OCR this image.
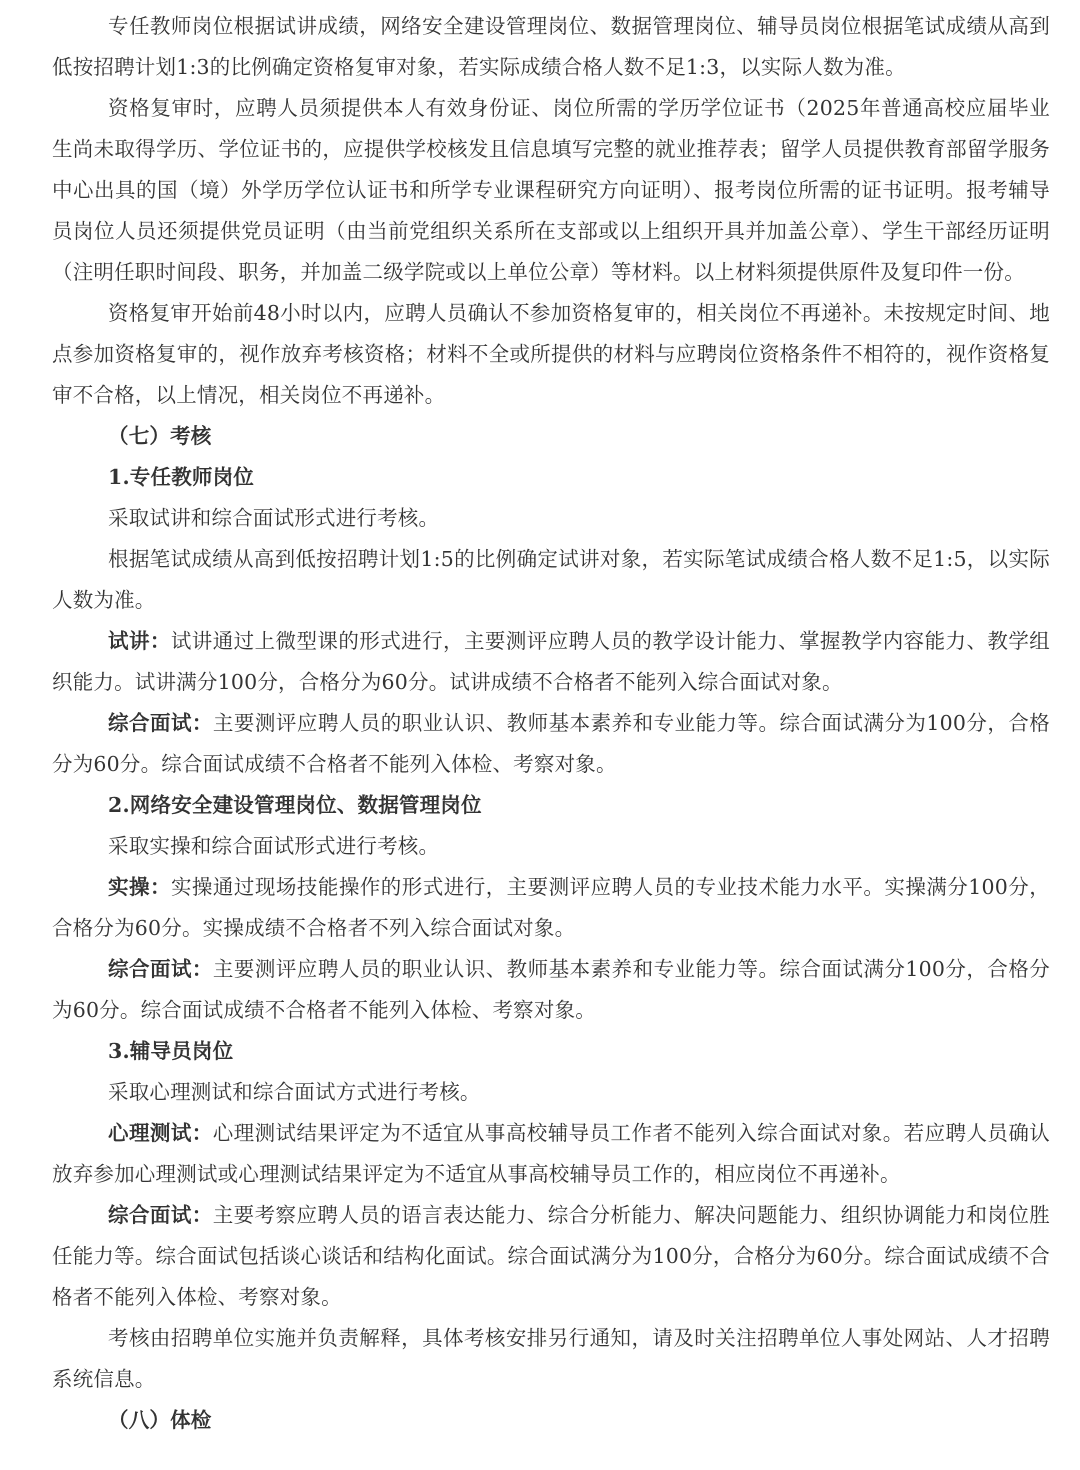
专任教师岗位根据试讲成绩，网络安全建设管理岗位、数据管理岗位、辅导员岗位根据笔试成绩从高到低按招聘计划1:3的比例确定资格复审对象，若实际成绩合格人数不足1:3，以实际人数为准。

资格复审时，应聘人员须提供本人有效身份证、岗位所需的学历学位证书（2025年普通高校应届毕业生尚未取得学历、学位证书的，应提供学校核发且信息填写完整的就业推荐表；留学人员提供教育部留学服务中心出具的国（境）外学历学位认证书和所学专业课程研究方向证明）、报考岗位所需的证书证明。报考辅导员岗位人员还须提供党员证明（由当前党组织关系所在支部或以上组织开具并加盖公章）、学生干部经历证明（注明任职时间段、职务，并加盖二级学院或以上单位公章）等材料。以上材料须提供原件及复印件一份。

资格复审开始前48小时以内，应聘人员确认不参加资格复审的，相关岗位不再递补。未按规定时间、地点参加资格复审的，视作放弃考核资格；材料不全或所提供的材料与应聘岗位资格条件不相符的，视作资格复审不合格，以上情况，相关岗位不再递补。

（七）考核

1.专任教师岗位

采取试讲和综合面试形式进行考核。

根据笔试成绩从高到低按招聘计划1:5的比例确定试讲对象，若实际笔试成绩合格人数不足1:5，以实际人数为准。

试讲：试讲通过上微型课的形式进行，主要测评应聘人员的教学设计能力、掌握教学内容能力、教学组织能力。试讲满分100分，合格分为60分。试讲成绩不合格者不能列入综合面试对象。

综合面试：主要测评应聘人员的职业认识、教师基本素养和专业能力等。综合面试满分为100分，合格分为60分。综合面试成绩不合格者不能列入体检、考察对象。

2.网络安全建设管理岗位、数据管理岗位

采取实操和综合面试形式进行考核。

实操：实操通过现场技能操作的形式进行，主要测评应聘人员的专业技术能力水平。实操满分100分，合格分为60分。实操成绩不合格者不列入综合面试对象。

综合面试：主要测评应聘人员的职业认识、教师基本素养和专业能力等。综合面试满分100分，合格分为60分。综合面试成绩不合格者不能列入体检、考察对象。

3.辅导员岗位

采取心理测试和综合面试方式进行考核。

心理测试：心理测试结果评定为不适宜从事高校辅导员工作者不能列入综合面试对象。若应聘人员确认放弃参加心理测试或心理测试结果评定为不适宜从事高校辅导员工作的，相应岗位不再递补。

综合面试：主要考察应聘人员的语言表达能力、综合分析能力、解决问题能力、组织协调能力和岗位胜任能力等。综合面试包括谈心谈话和结构化面试。综合面试满分为100分，合格分为60分。综合面试成绩不合格者不能列入体检、考察对象。

考核由招聘单位实施并负责解释，具体考核安排另行通知，请及时关注招聘单位人事处网站、人才招聘系统信息。

（八）体检
